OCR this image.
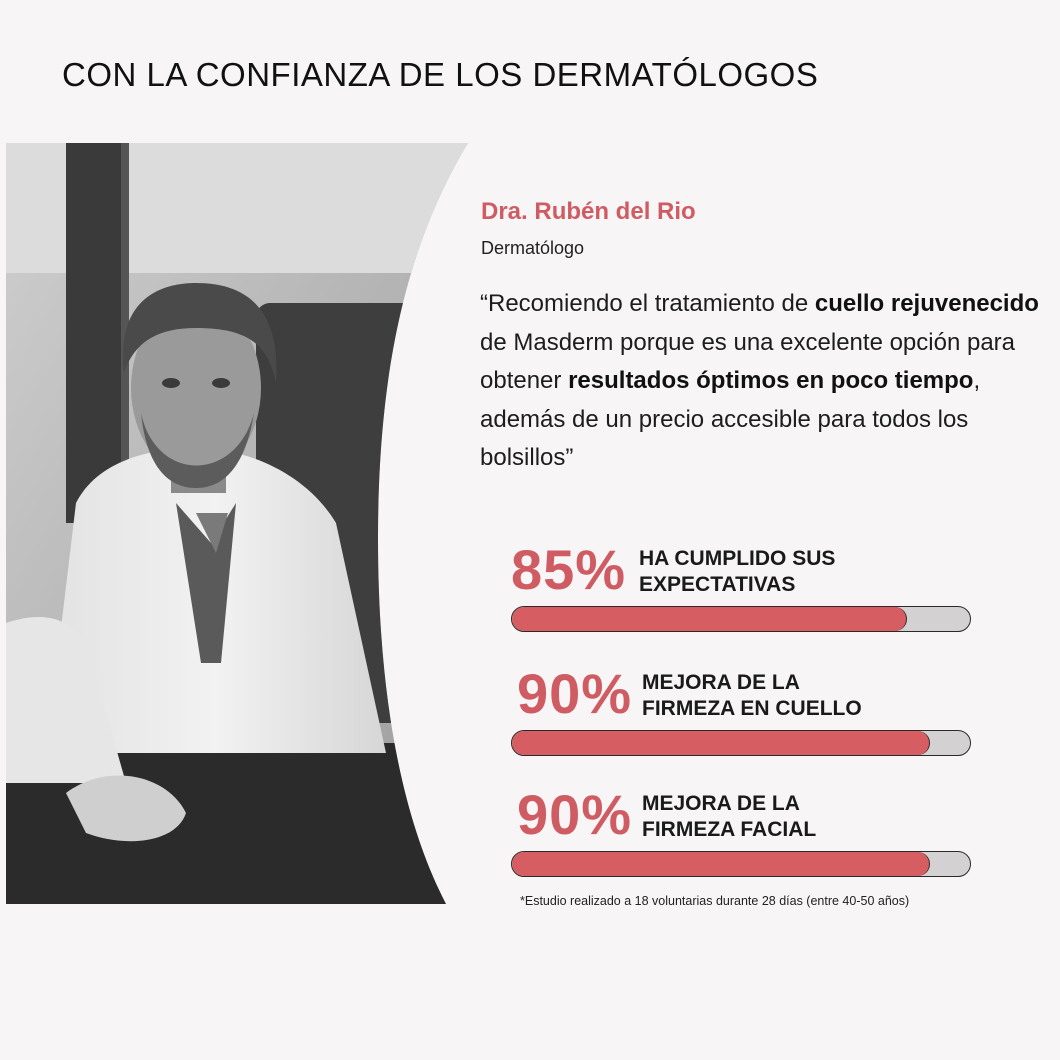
CON LA CONFIANZA DE LOS DERMATÓLOGOS
Dra. Rubén del Rio
Dermatólogo
“Recomiendo el tratamiento de cuello rejuvenecido de Masderm porque es una excelente opción para obtener resultados óptimos en poco tiempo, además de un precio accesible para todos los bolsillos”
85% HA CUMPLIDO SUS
EXPECTATIVAS
90% MEJORA DE LA
FIRMEZA EN CUELLO
90% MEJORA DE LA
FIRMEZA FACIAL
*Estudio realizado a 18 voluntarias durante 28 días (entre 40-50 años)
